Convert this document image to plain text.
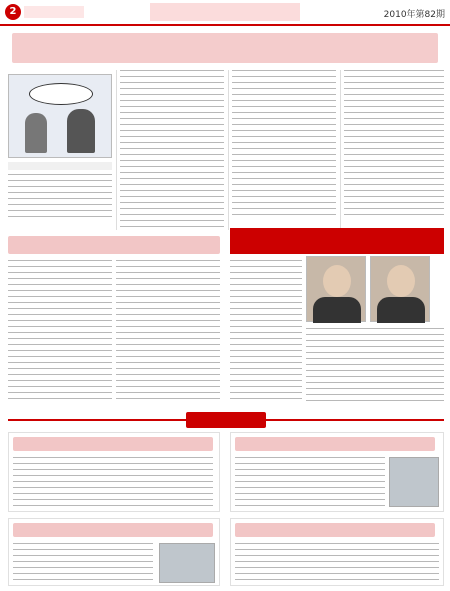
2	2010年第82期
